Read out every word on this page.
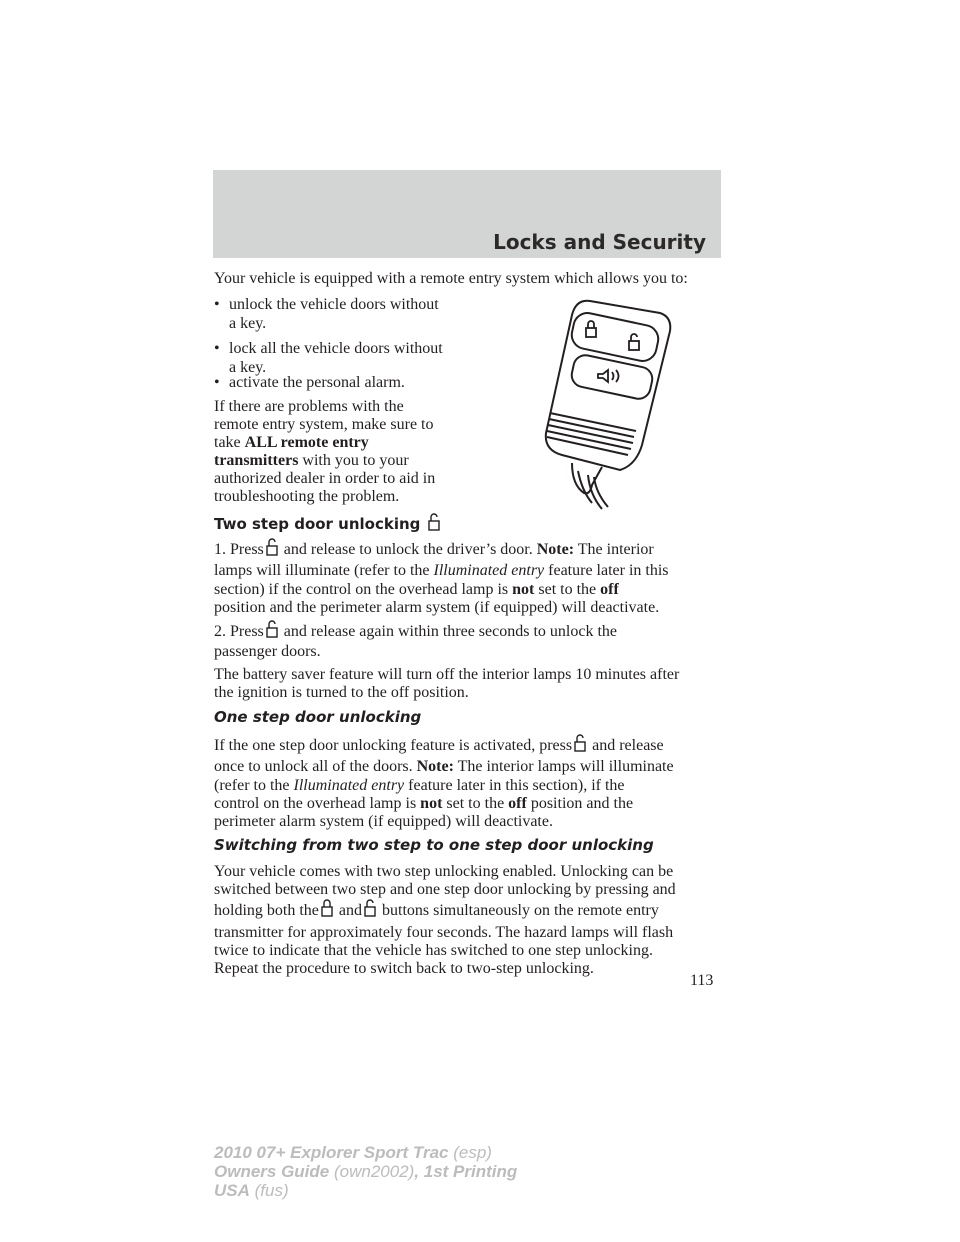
Locks and Security

Your vehicle is equipped with a remote entry system which allows you to:

• unlock the vehicle doors without

a key.

• lock all the vehicle doors without

a key.

• activate the personal alarm.

If there are problems with the

remote entry system, make sure to

take ALL remote entry

transmitters with you to your

authorized dealer in order to aid in

troubleshooting the problem.

Two step door unlocking

1. Press and release to unlock the driver’s door. Note: The interior

lamps will illuminate (refer to the Illuminated entry feature later in this

section) if the control on the overhead lamp is not set to the off

position and the perimeter alarm system (if equipped) will deactivate.

2. Press and release again within three seconds to unlock the

passenger doors.

The battery saver feature will turn off the interior lamps 10 minutes after

the ignition is turned to the off position.

One step door unlocking

If the one step door unlocking feature is activated, press and release

once to unlock all of the doors. Note: The interior lamps will illuminate

(refer to the Illuminated entry feature later in this section), if the

control on the overhead lamp is not set to the off position and the

perimeter alarm system (if equipped) will deactivate.

Switching from two step to one step door unlocking

Your vehicle comes with two step unlocking enabled. Unlocking can be

switched between two step and one step door unlocking by pressing and

holding both the and buttons simultaneously on the remote entry

transmitter for approximately four seconds. The hazard lamps will flash

twice to indicate that the vehicle has switched to one step unlocking.

Repeat the procedure to switch back to two-step unlocking.

113

2010 07+ Explorer Sport Trac (esp)

Owners Guide (own2002), 1st Printing

USA (fus)
